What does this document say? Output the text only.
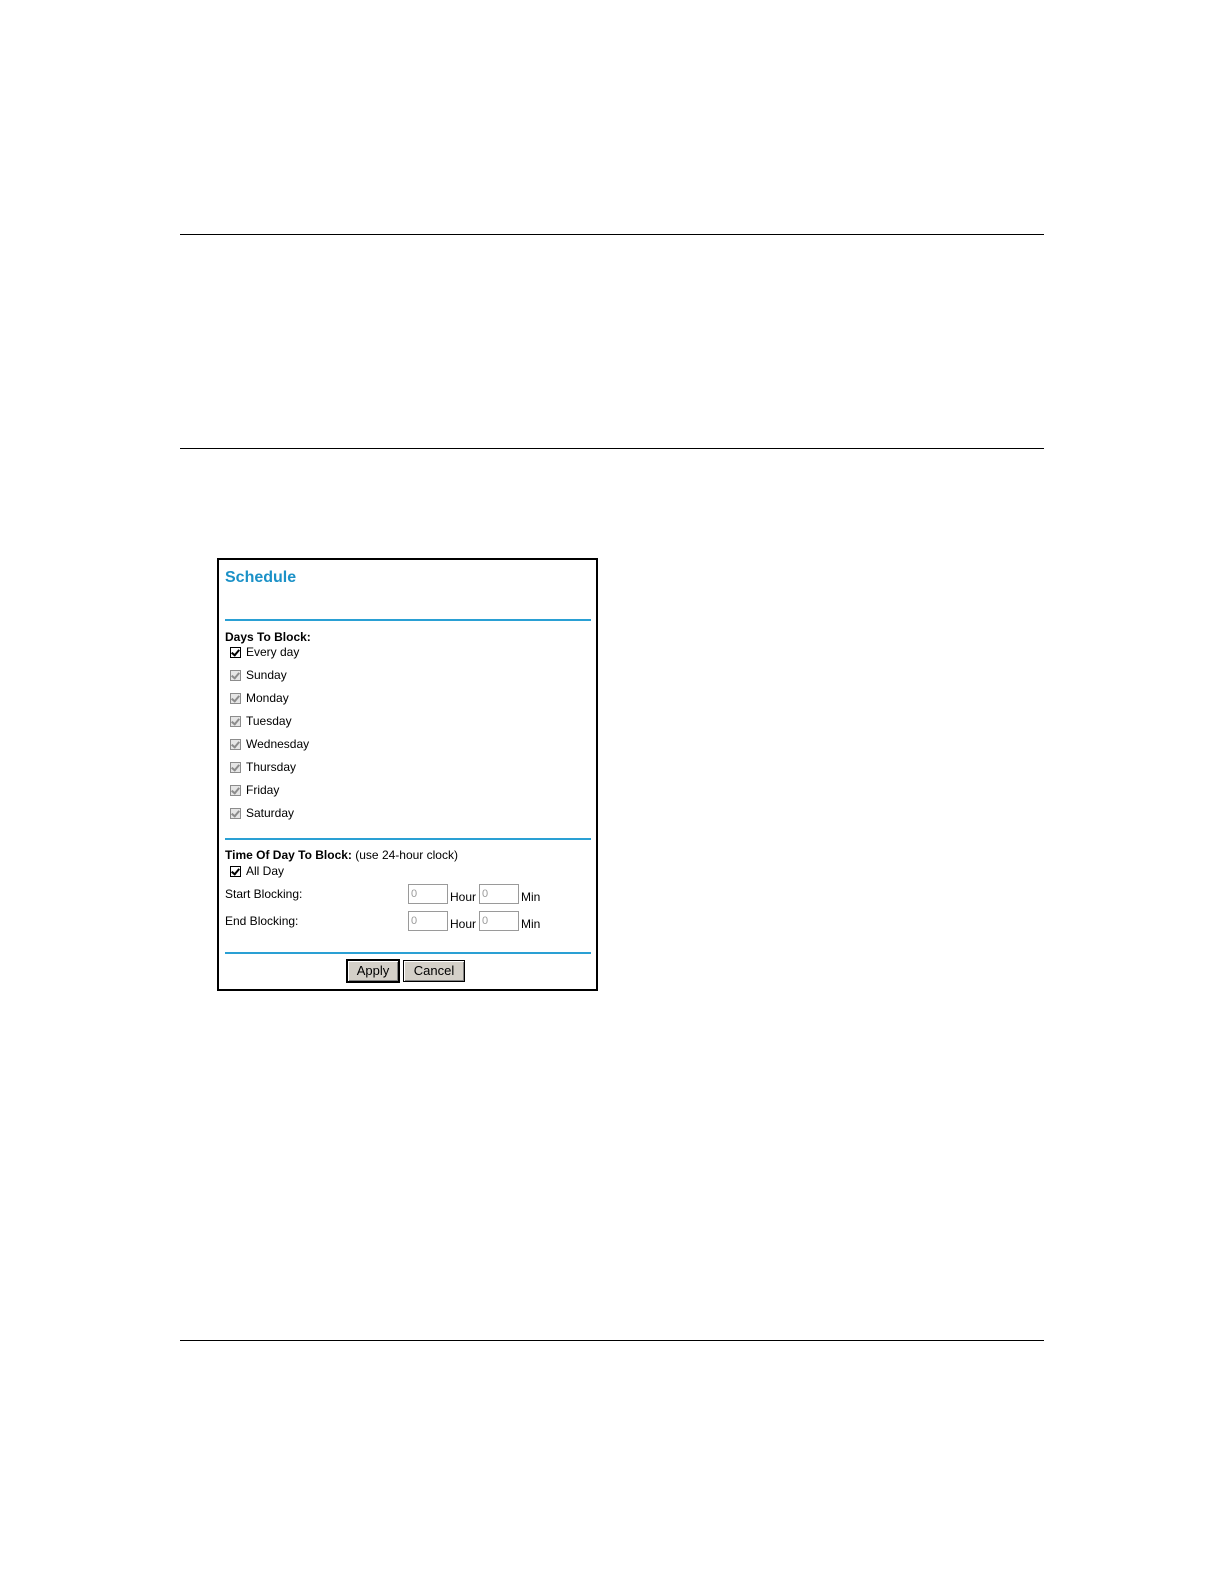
Schedule
Days To Block:
Every day
Sunday
Monday
Tuesday
Wednesday
Thursday
Friday
Saturday
Time Of Day To Block: (use 24-hour clock)
All Day
Start Blocking:	0	Hour 0	Min
End Blocking:	0	Hour 0	Min
Apply	Cancel
